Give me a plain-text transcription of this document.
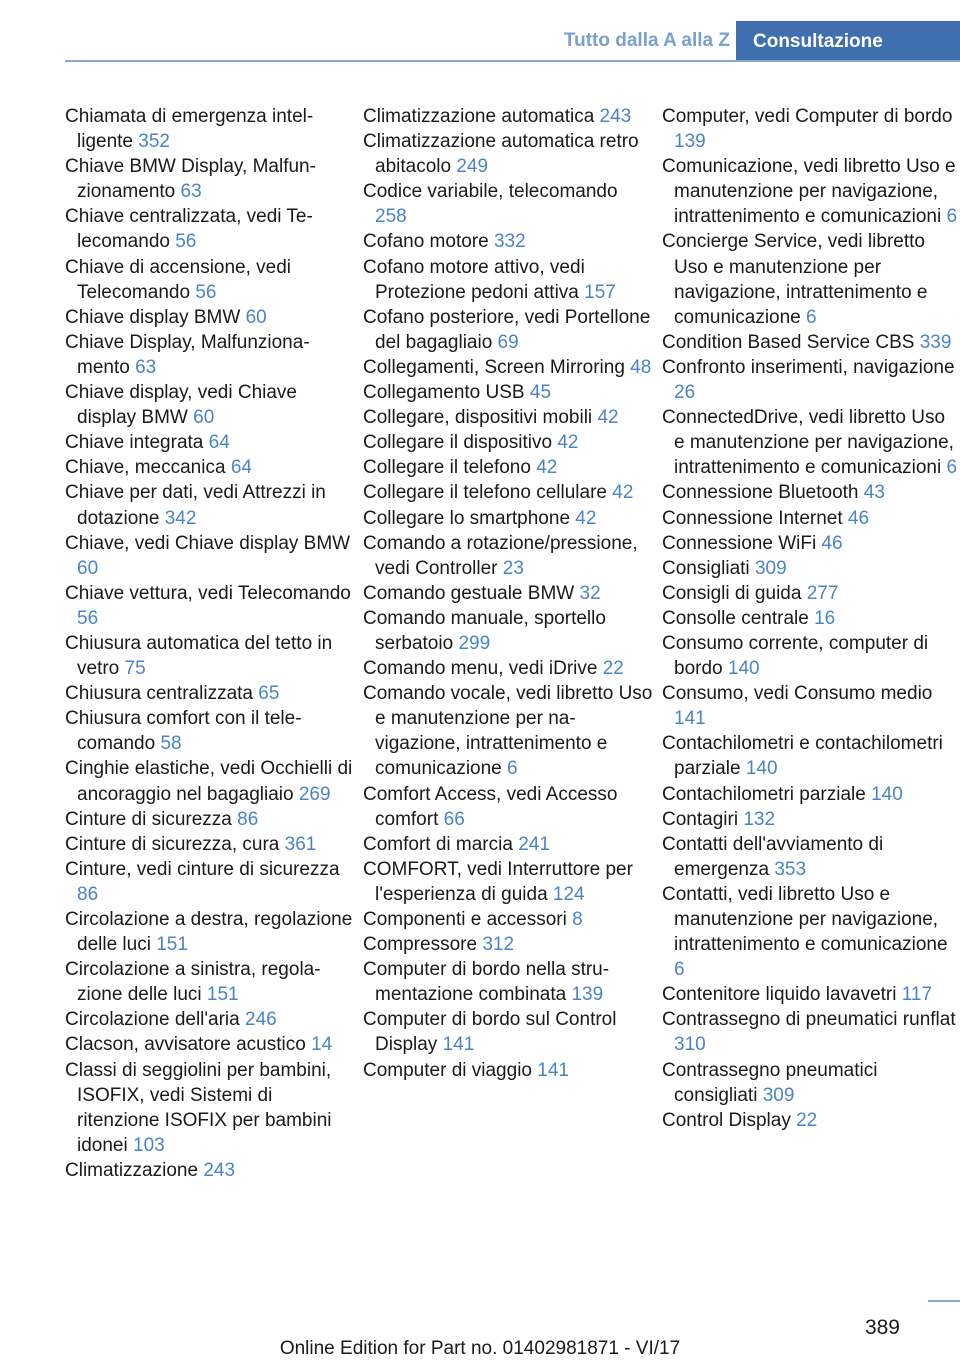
Tutto dalla A alla Z	Consultazione
Chiamata di emergenza intelligente 352
Chiave BMW Display, Malfunzionamento 63
Chiave centralizzata, vedi Telecomando 56
Chiave di accensione, vedi Telecomando 56
Chiave display BMW 60
Chiave Display, Malfunzionamento 63
Chiave display, vedi Chiave display BMW 60
Chiave integrata 64
Chiave, meccanica 64
Chiave per dati, vedi Attrezzi in dotazione 342
Chiave, vedi Chiave display BMW 60
Chiave vettura, vedi Telecomando 56
Chiusura automatica del tetto in vetro 75
Chiusura centralizzata 65
Chiusura comfort con il telecomando 58
Cinghie elastiche, vedi Occhielli di ancoraggio nel bagagliaio 269
Cinture di sicurezza 86
Cinture di sicurezza, cura 361
Cinture, vedi cinture di sicurezza 86
Circolazione a destra, regolazione delle luci 151
Circolazione a sinistra, regolazione delle luci 151
Circolazione dell'aria 246
Clacson, avvisatore acustico 14
Classi di seggiolini per bambini, ISOFIX, vedi Sistemi di ritenzione ISOFIX per bambini idonei 103
Climatizzazione 243
Climatizzazione automatica 243
Climatizzazione automatica retro abitacolo 249
Codice variabile, telecomando 258
Cofano motore 332
Cofano motore attivo, vedi Protezione pedoni attiva 157
Cofano posteriore, vedi Portellone del bagagliaio 69
Collegamenti, Screen Mirroring 48
Collegamento USB 45
Collegare, dispositivi mobili 42
Collegare il dispositivo 42
Collegare il telefono 42
Collegare il telefono cellulare 42
Collegare lo smartphone 42
Comando a rotazione/pressione, vedi Controller 23
Comando gestuale BMW 32
Comando manuale, sportello serbatoio 299
Comando menu, vedi iDrive 22
Comando vocale, vedi libretto Uso e manutenzione per navigazione, intrattenimento e comunicazione 6
Comfort Access, vedi Accesso comfort 66
Comfort di marcia 241
COMFORT, vedi Interruttore per l'esperienza di guida 124
Componenti e accessori 8
Compressore 312
Computer di bordo nella strumentazione combinata 139
Computer di bordo sul Control Display 141
Computer di viaggio 141
Computer, vedi Computer di bordo 139
Comunicazione, vedi libretto Uso e manutenzione per navigazione, intrattenimento e comunicazioni 6
Concierge Service, vedi libretto Uso e manutenzione per navigazione, intrattenimento e comunicazione 6
Condition Based Service CBS 339
Confronto inserimenti, navigazione 26
ConnectedDrive, vedi libretto Uso e manutenzione per navigazione, intrattenimento e comunicazioni 6
Connessione Bluetooth 43
Connessione Internet 46
Connessione WiFi 46
Consigliati 309
Consigli di guida 277
Consolle centrale 16
Consumo corrente, computer di bordo 140
Consumo, vedi Consumo medio 141
Contachilometri e contachilometri parziale 140
Contachilometri parziale 140
Contagiri 132
Contatti dell'avviamento di emergenza 353
Contatti, vedi libretto Uso e manutenzione per navigazione, intrattenimento e comunicazione 6
Contenitore liquido lavavetri 117
Contrassegno di pneumatici runflat 310
Contrassegno pneumatici consigliati 309
Control Display 22
389
Online Edition for Part no. 01402981871 - VI/17
